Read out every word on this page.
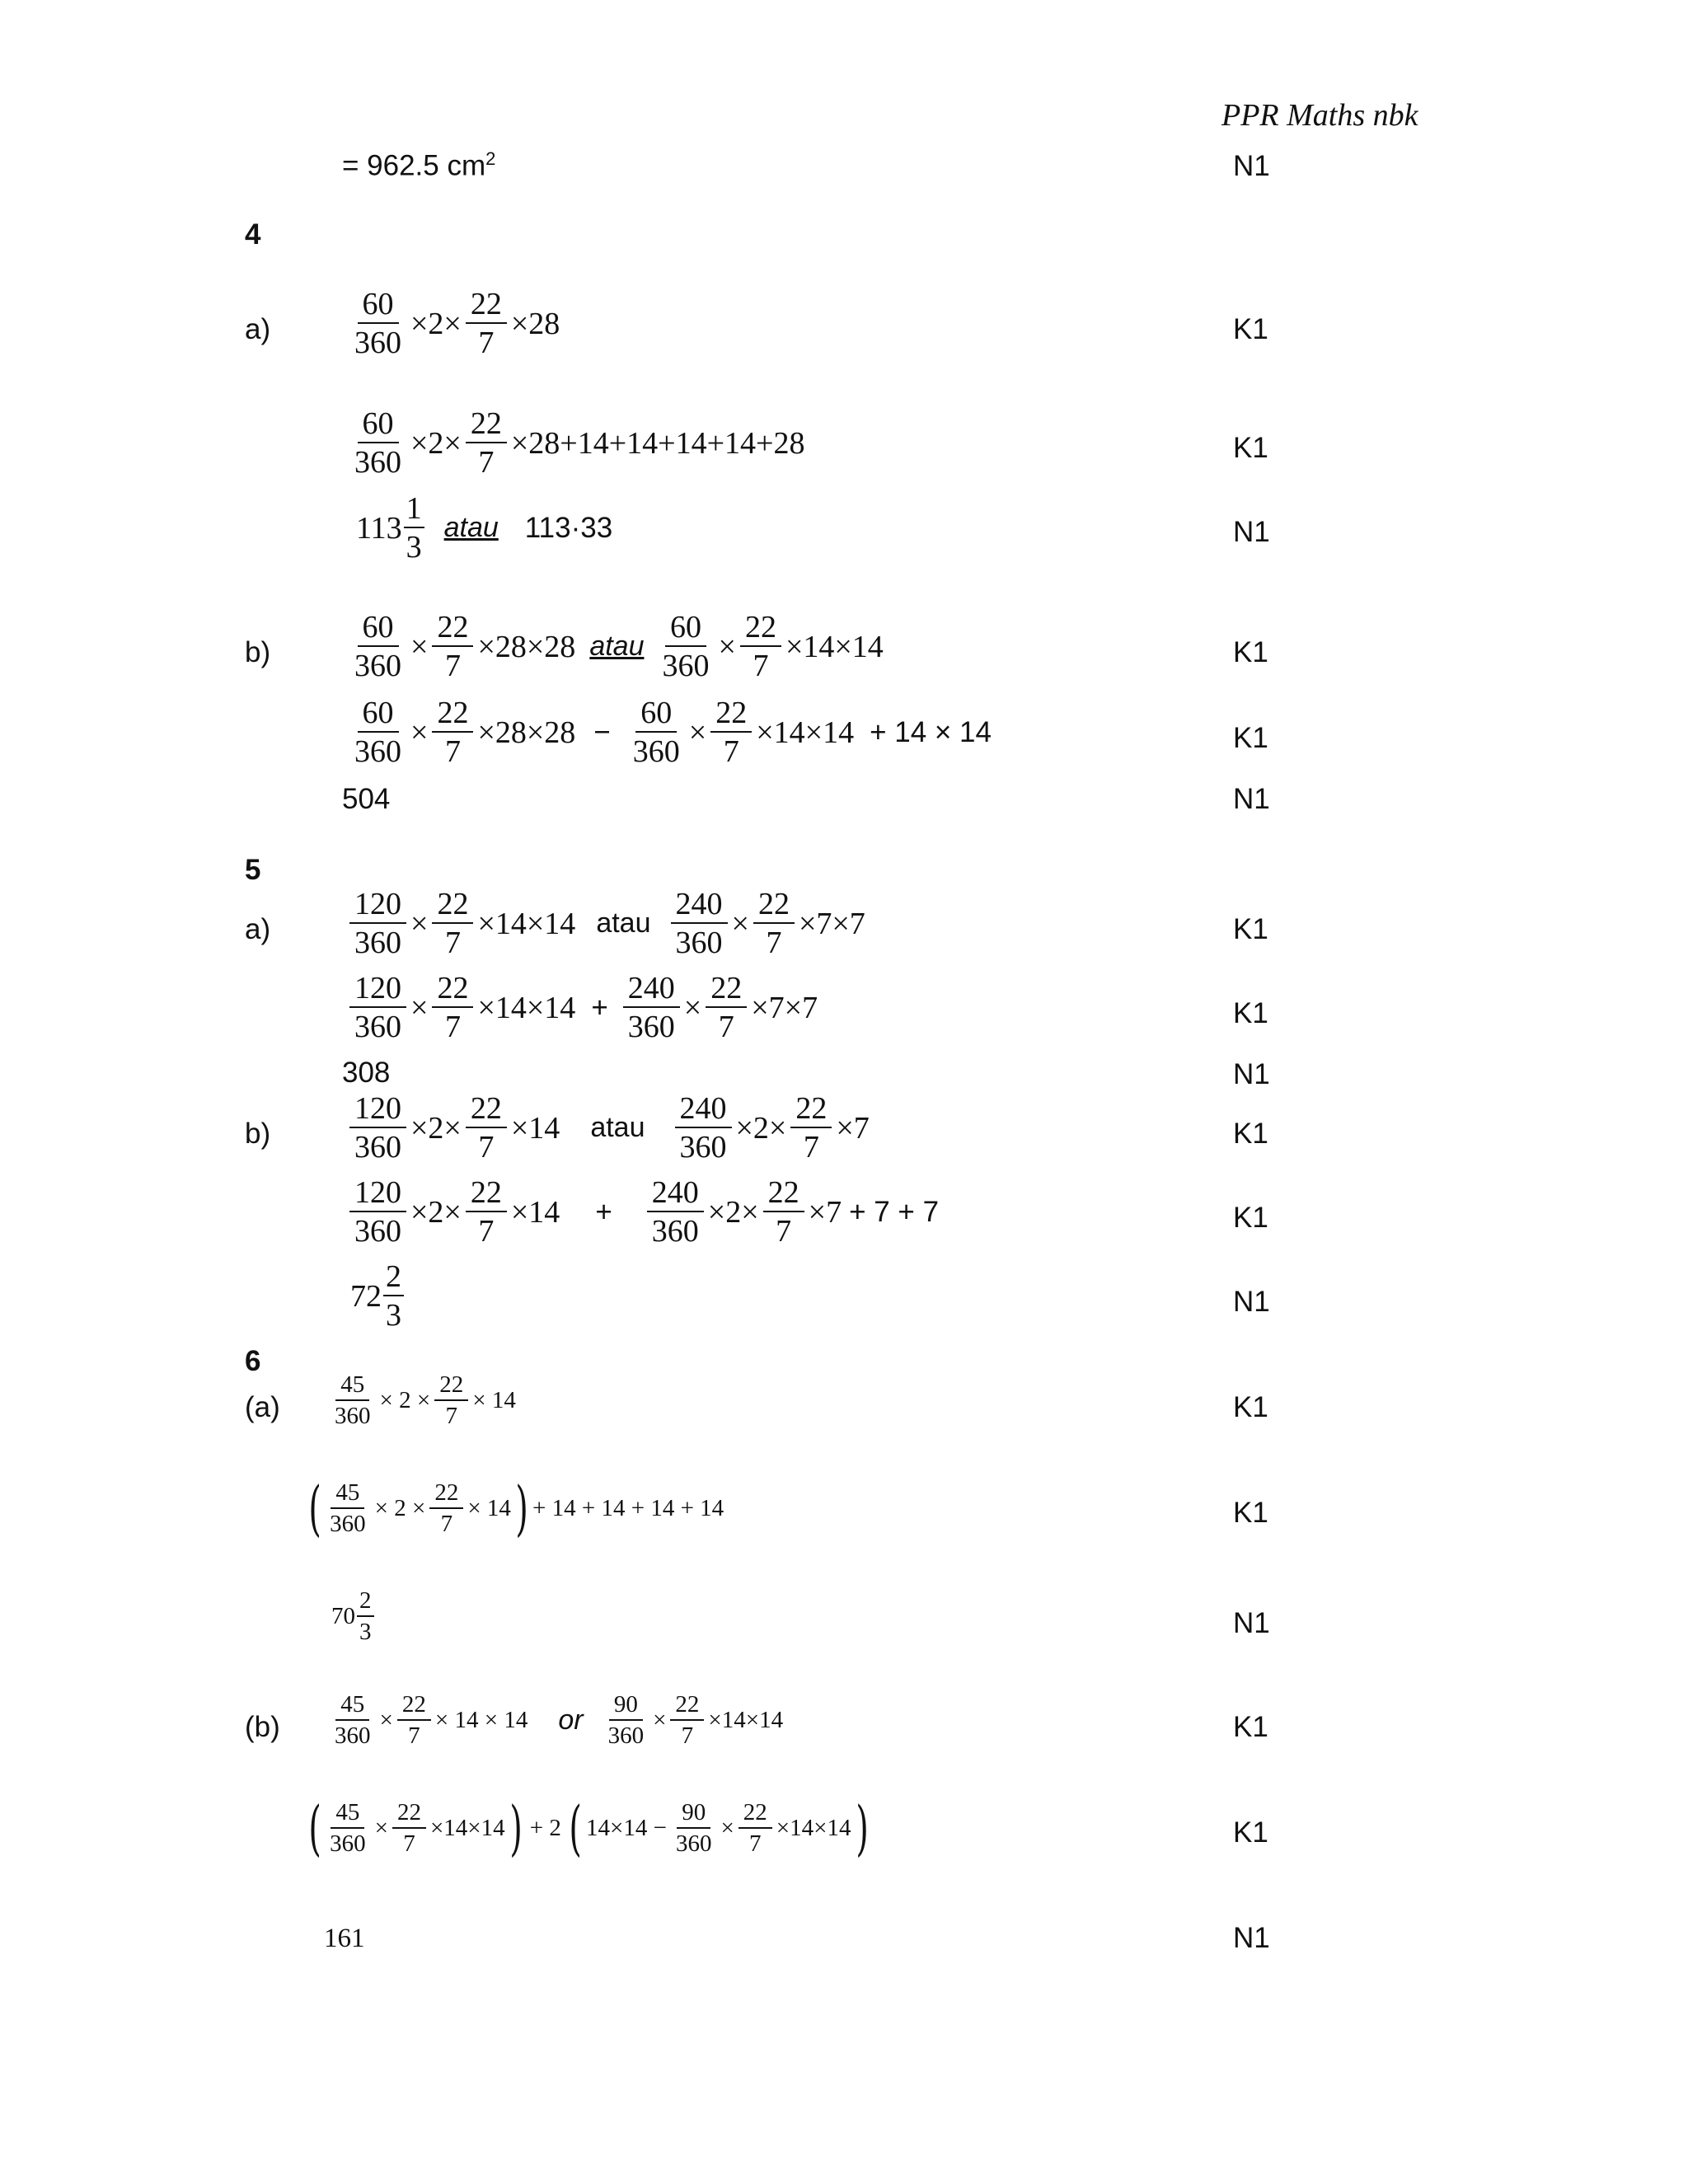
PPR Maths nbk
= 962.5 $cm^2$	N1
4
a)	$\frac{60}{360} \times 2\times \frac{22}{7} \times 28$	K1
$\frac{60}{360} \times 2\times \frac{22}{7} \times 28+14+14+14+14+28$	K1
$113 \frac{1}{3}$ atau 113·33	N1
b)	$\frac{60}{360} \times \frac{22}{7} \times 28\times 28$ atau $\frac{60}{360} \times \frac{22}{7} \times 14\times 14$	K1
$\frac{60}{360} \times \frac{22}{7} \times 28\times 28 - \frac{60}{360} \times \frac{22}{7} \times 14\times 14 + 14 \times 14$	K1
504	N1
5
a)	$\frac{120}{360} \times \frac{22}{7} \times 14\times 14$ atau $\frac{240}{360} \times \frac{22}{7} \times 7\times 7$	K1
$\frac{120}{360} \times \frac{22}{7} \times 14\times 14 + \frac{240}{360} \times \frac{22}{7} \times 7\times 7$	K1
308	N1
b)	$\frac{120}{360} \times 2\times \frac{22}{7} \times 14$ atau $\frac{240}{360} \times 2\times \frac{22}{7} \times 7$	K1
$\frac{120}{360} \times 2\times \frac{22}{7} \times 14 + \frac{240}{360} \times 2\times \frac{22}{7} \times 7 + 7 + 7$	K1
$72 \frac{2}{3}$	N1
6
$(a) \frac{45}{360} \times 2 \times \frac{22}{7} \times 14$	K1
( $\frac{45}{360} \times 2 \times \frac{22}{7} \times 14$ ) + 14 + 14 + 14 + 14	K1
$70 \frac{2}{3}$	N1
$(b) \frac{45}{360} \times \frac{22}{7} \times 14 \times 14$ or $\frac{90}{360} \times \frac{22}{7} \times 14\times 14$	K1
( $\frac{45}{360} \times \frac{22}{7} \times 14\times 14$ ) + 2 ( $14\times 14 - \frac{90}{360} \times \frac{22}{7} \times 14\times 14$ )	K1
161	N1
